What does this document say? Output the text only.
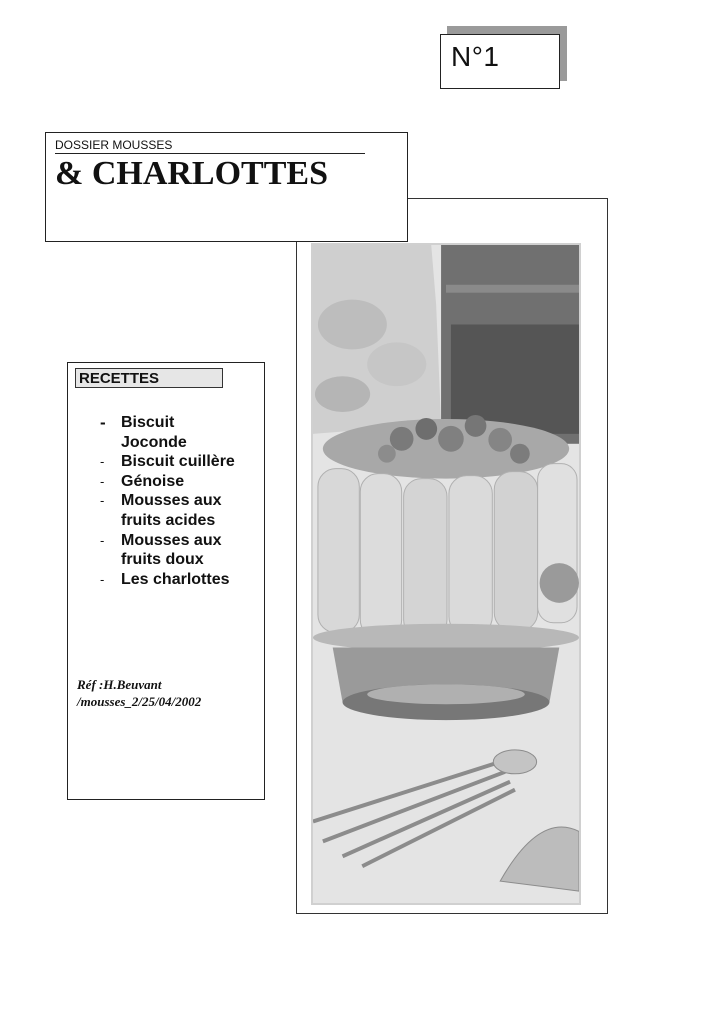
N°1
DOSSIER MOUSSES
& CHARLOTTES
RECETTES
- Biscuit Joconde
- Biscuit cuillère
- Génoise
- Mousses aux fruits acides
- Mousses aux fruits doux
- Les charlottes
Réf :H.Beuvant
/mousses_2/25/04/2002
